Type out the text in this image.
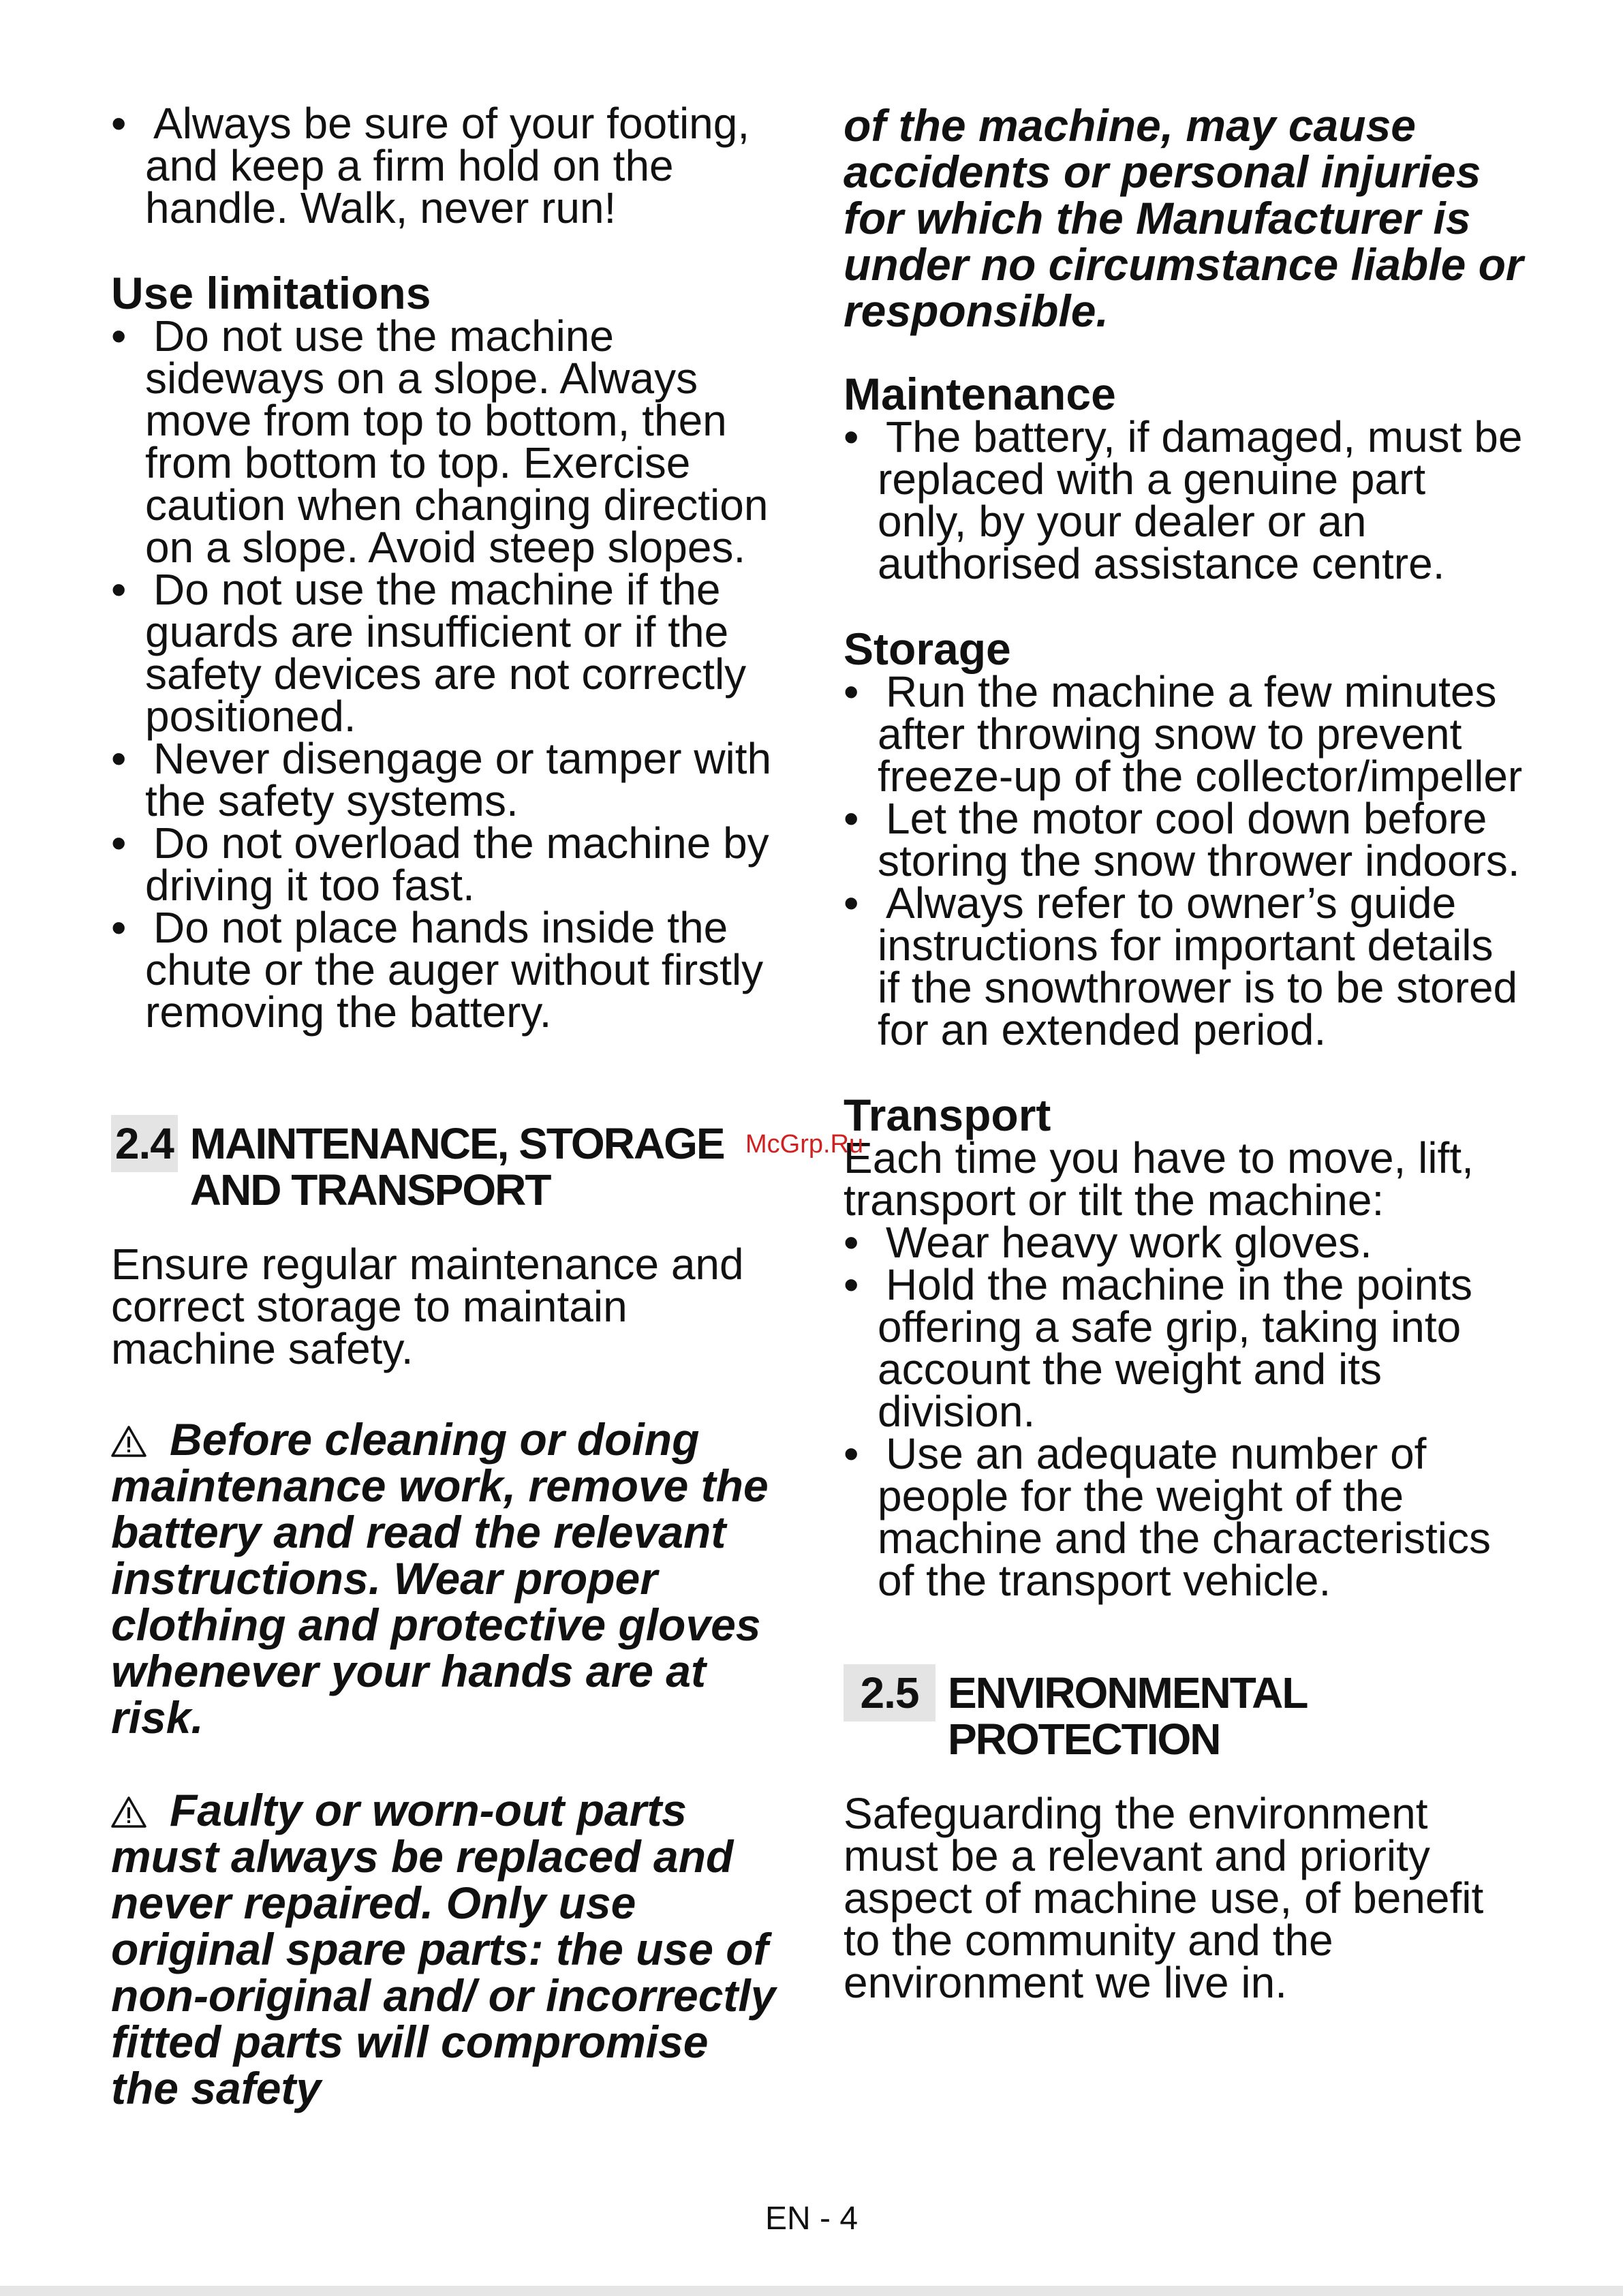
• Always be sure of your footing, and keep a firm hold on the handle. Walk, never run!

Use limitations

• Do not use the machine sideways on a slope. Always move from top to bottom, then from bottom to top. Exercise caution when changing direction on a slope. Avoid steep slopes.
• Do not use the machine if the guards are insufficient or if the safety devices are not correctly positioned.
• Never disengage or tamper with the safety systems.
• Do not overload the machine by driving it too fast.
• Do not place hands inside the chute or the auger without firstly removing the battery.
2.4 MAINTENANCE, STORAGE AND TRANSPORT

Ensure regular maintenance and correct storage to maintain machine safety.

Before cleaning or doing maintenance work, remove the battery and read the relevant instructions. Wear proper clothing and protective gloves whenever your hands are at risk.

Faulty or worn-out parts must always be replaced and never repaired. Only use original spare parts: the use of non-original and/ or incorrectly fitted parts will compromise the safety

of the machine, may cause accidents or personal injuries for which the Manufacturer is under no circumstance liable or responsible.

Maintenance

• The battery, if damaged, must be replaced with a genuine part only, by your dealer or an authorised assistance centre.

Storage

• Run the machine a few minutes after throwing snow to prevent freeze-up of the collector/impeller
• Let the motor cool down before storing the snow thrower indoors.
• Always refer to owner’s guide instructions for important details if the snowthrower is to be stored for an extended period.

Transport

Each time you have to move, lift, transport or tilt the machine:

• Wear heavy work gloves.
• Hold the machine in the points offering a safe grip, taking into account the weight and its division.
• Use an adequate number of people for the weight of the machine and the characteristics of the transport vehicle.
2.5 ENVIRONMENTAL PROTECTION

Safeguarding the environment must be a relevant and priority aspect of machine use, of benefit to the community and the environment we live in.

McGrp.Ru
EN - 4
